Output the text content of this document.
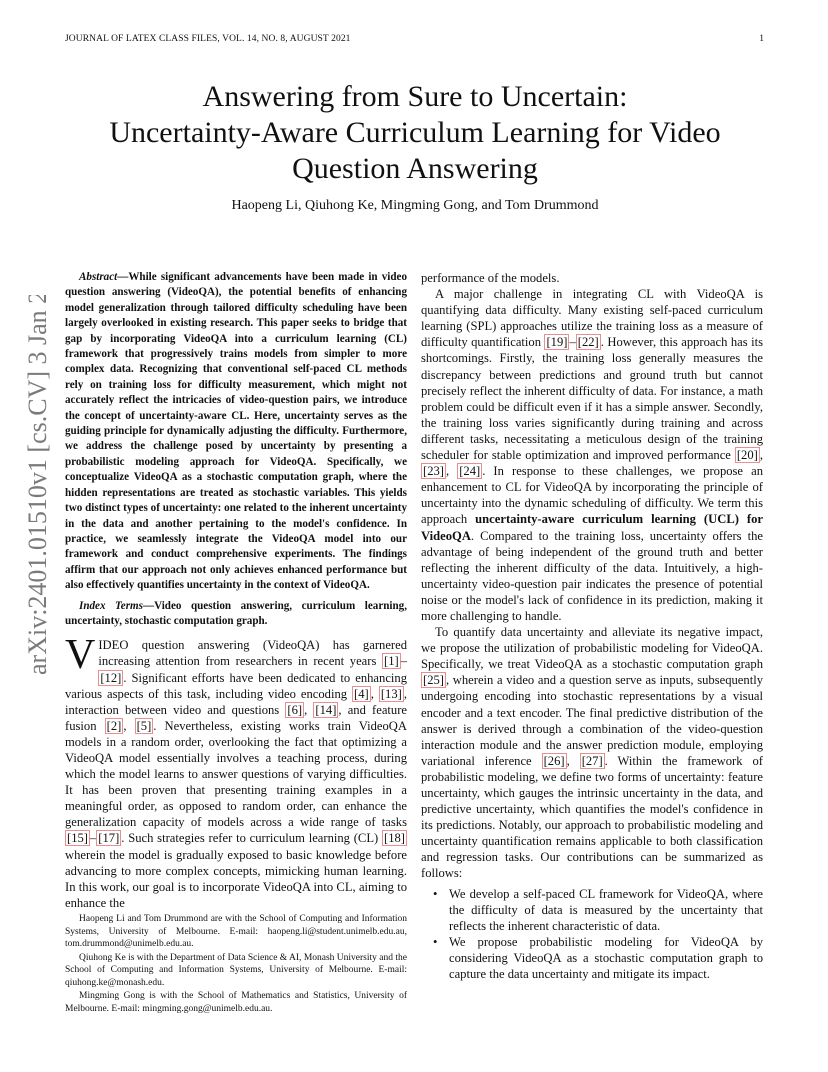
JOURNAL OF LATEX CLASS FILES, VOL. 14, NO. 8, AUGUST 2021	1
arXiv:2401.01510v1 [cs.CV] 3 Jan 2024
Answering from Sure to Uncertain:
Uncertainty-Aware Curriculum Learning for Video
Question Answering
Haopeng Li, Qiuhong Ke, Mingming Gong, and Tom Drummond

Abstract—While significant advancements have been made in video question answering (VideoQA), the potential benefits of enhancing model generalization through tailored difficulty scheduling have been largely overlooked in existing research. This paper seeks to bridge that gap by incorporating VideoQA into a curriculum learning (CL) framework that progressively trains models from simpler to more complex data. Recognizing that conventional self-paced CL methods rely on training loss for difficulty measurement, which might not accurately reflect the intricacies of video-question pairs, we introduce the concept of uncertainty-aware CL. Here, uncertainty serves as the guiding principle for dynamically adjusting the difficulty. Furthermore, we address the challenge posed by uncertainty by presenting a probabilistic modeling approach for VideoQA. Specifically, we conceptualize VideoQA as a stochastic computation graph, where the hidden representations are treated as stochastic variables. This yields two distinct types of uncertainty: one related to the inherent uncertainty in the data and another pertaining to the model's confidence. In practice, we seamlessly integrate the VideoQA model into our framework and conduct comprehensive experiments. The findings affirm that our approach not only achieves enhanced performance but also effectively quantifies uncertainty in the context of VideoQA.

Index Terms—Video question answering, curriculum learning, uncertainty, stochastic computation graph.

VIDEO question answering (VideoQA) has garnered increasing attention from researchers in recent years [1] –[12] . Significant efforts have been dedicated to enhancing various aspects of this task, including video encoding [4] , [13] , interaction between video and questions [6] , [14] , and feature fusion [2] , [5] . Nevertheless, existing works train VideoQA models in a random order, overlooking the fact that optimizing a VideoQA model essentially involves a teaching process, during which the model learns to answer questions of varying difficulties. It has been proven that presenting training examples in a meaningful order, as opposed to random order, can enhance the generalization capacity of models across a wide range of tasks [15] – [17] . Such strategies refer to curriculum learning (CL) [18] wherein the model is gradually exposed to basic knowledge before advancing to more complex concepts, mimicking human learning. In this work, our goal is to incorporate VideoQA into CL, aiming to enhance the

Haopeng Li and Tom Drummond are with the School of Computing and Information Systems, University of Melbourne. E-mail: haopeng.li@student.unimelb.edu.au, tom.drummond@unimelb.edu.au.

Qiuhong Ke is with the Department of Data Science & AI, Monash University and the School of Computing and Information Systems, University of Melbourne. E-mail: qiuhong.ke@monash.edu.

Mingming Gong is with the School of Mathematics and Statistics, University of Melbourne. E-mail: mingming.gong@unimelb.edu.au.

performance of the models.

A major challenge in integrating CL with VideoQA is quantifying data difficulty. Many existing self-paced curriculum learning (SPL) approaches utilize the training loss as a measure of difficulty quantification [19] – [22] . However, this approach has its shortcomings. Firstly, the training loss generally measures the discrepancy between predictions and ground truth but cannot precisely reflect the inherent difficulty of data. For instance, a math problem could be difficult even if it has a simple answer. Secondly, the training loss varies significantly during training and across different tasks, necessitating a meticulous design of the training scheduler for stable optimization and improved performance [20] , [23] , [24] . In response to these challenges, we propose an enhancement to CL for VideoQA by incorporating the principle of uncertainty into the dynamic scheduling of difficulty. We term this approach uncertainty-aware curriculum learning (UCL) for VideoQA. Compared to the training loss, uncertainty offers the advantage of being independent of the ground truth and better reflecting the inherent difficulty of the data. Intuitively, a high-uncertainty video-question pair indicates the presence of potential noise or the model's lack of confidence in its prediction, making it more challenging to handle.

To quantify data uncertainty and alleviate its negative impact, we propose the utilization of probabilistic modeling for VideoQA. Specifically, we treat VideoQA as a stochastic computation graph [25] , wherein a video and a question serve as inputs, subsequently undergoing encoding into stochastic representations by a visual encoder and a text encoder. The final predictive distribution of the answer is derived through a combination of the video-question interaction module and the answer prediction module, employing variational inference [26] , [27] . Within the framework of probabilistic modeling, we define two forms of uncertainty: feature uncertainty, which gauges the intrinsic uncertainty in the data, and predictive uncertainty, which quantifies the model's confidence in its predictions. Notably, our approach to probabilistic modeling and uncertainty quantification remains applicable to both classification and regression tasks. Our contributions can be summarized as follows:

• We develop a self-paced CL framework for VideoQA, where the difficulty of data is measured by the uncertainty that reflects the inherent characteristic of data.
• We propose probabilistic modeling for VideoQA by considering VideoQA as a stochastic computation graph to capture the data uncertainty and mitigate its impact.
